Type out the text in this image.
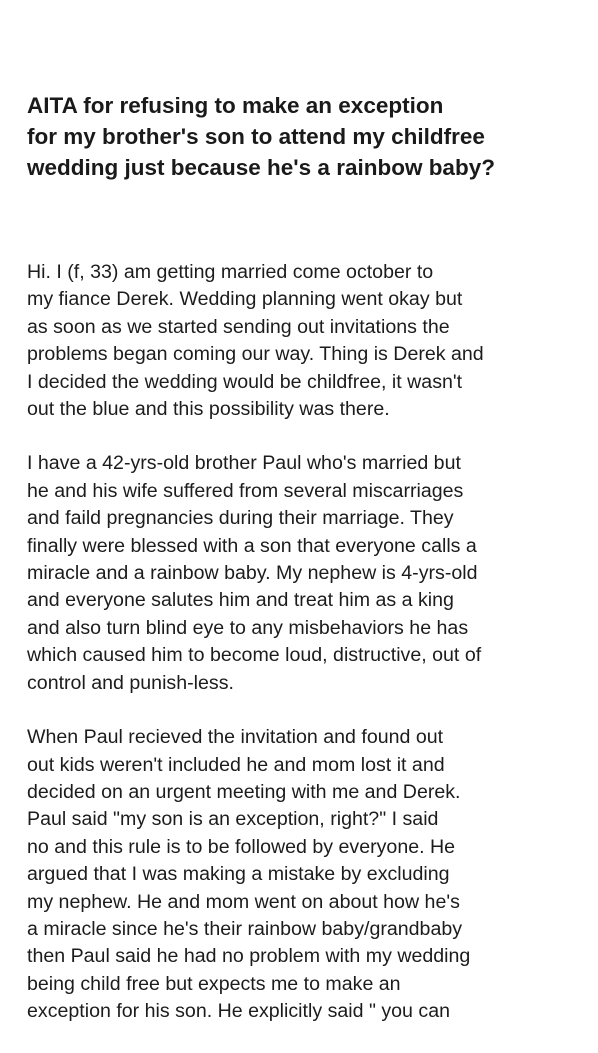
AITA for refusing to make an exception
for my brother's son to attend my childfree
wedding just because he's a rainbow baby?

Hi. I (f, 33) am getting married come october to
my fiance Derek. Wedding planning went okay but
as soon as we started sending out invitations the
problems began coming our way. Thing is Derek and
I decided the wedding would be childfree, it wasn't
out the blue and this possibility was there.

I have a 42-yrs-old brother Paul who's married but
he and his wife suffered from several miscarriages
and faild pregnancies during their marriage. They
finally were blessed with a son that everyone calls a
miracle and a rainbow baby. My nephew is 4-yrs-old
and everyone salutes him and treat him as a king
and also turn blind eye to any misbehaviors he has
which caused him to become loud, distructive, out of
control and punish-less.

When Paul recieved the invitation and found out
out kids weren't included he and mom lost it and
decided on an urgent meeting with me and Derek.
Paul said "my son is an exception, right?" I said
no and this rule is to be followed by everyone. He
argued that I was making a mistake by excluding
my nephew. He and mom went on about how he's
a miracle since he's their rainbow baby/grandbaby
then Paul said he had no problem with my wedding
being child free but expects me to make an
exception for his son. He explicitly said " you can
